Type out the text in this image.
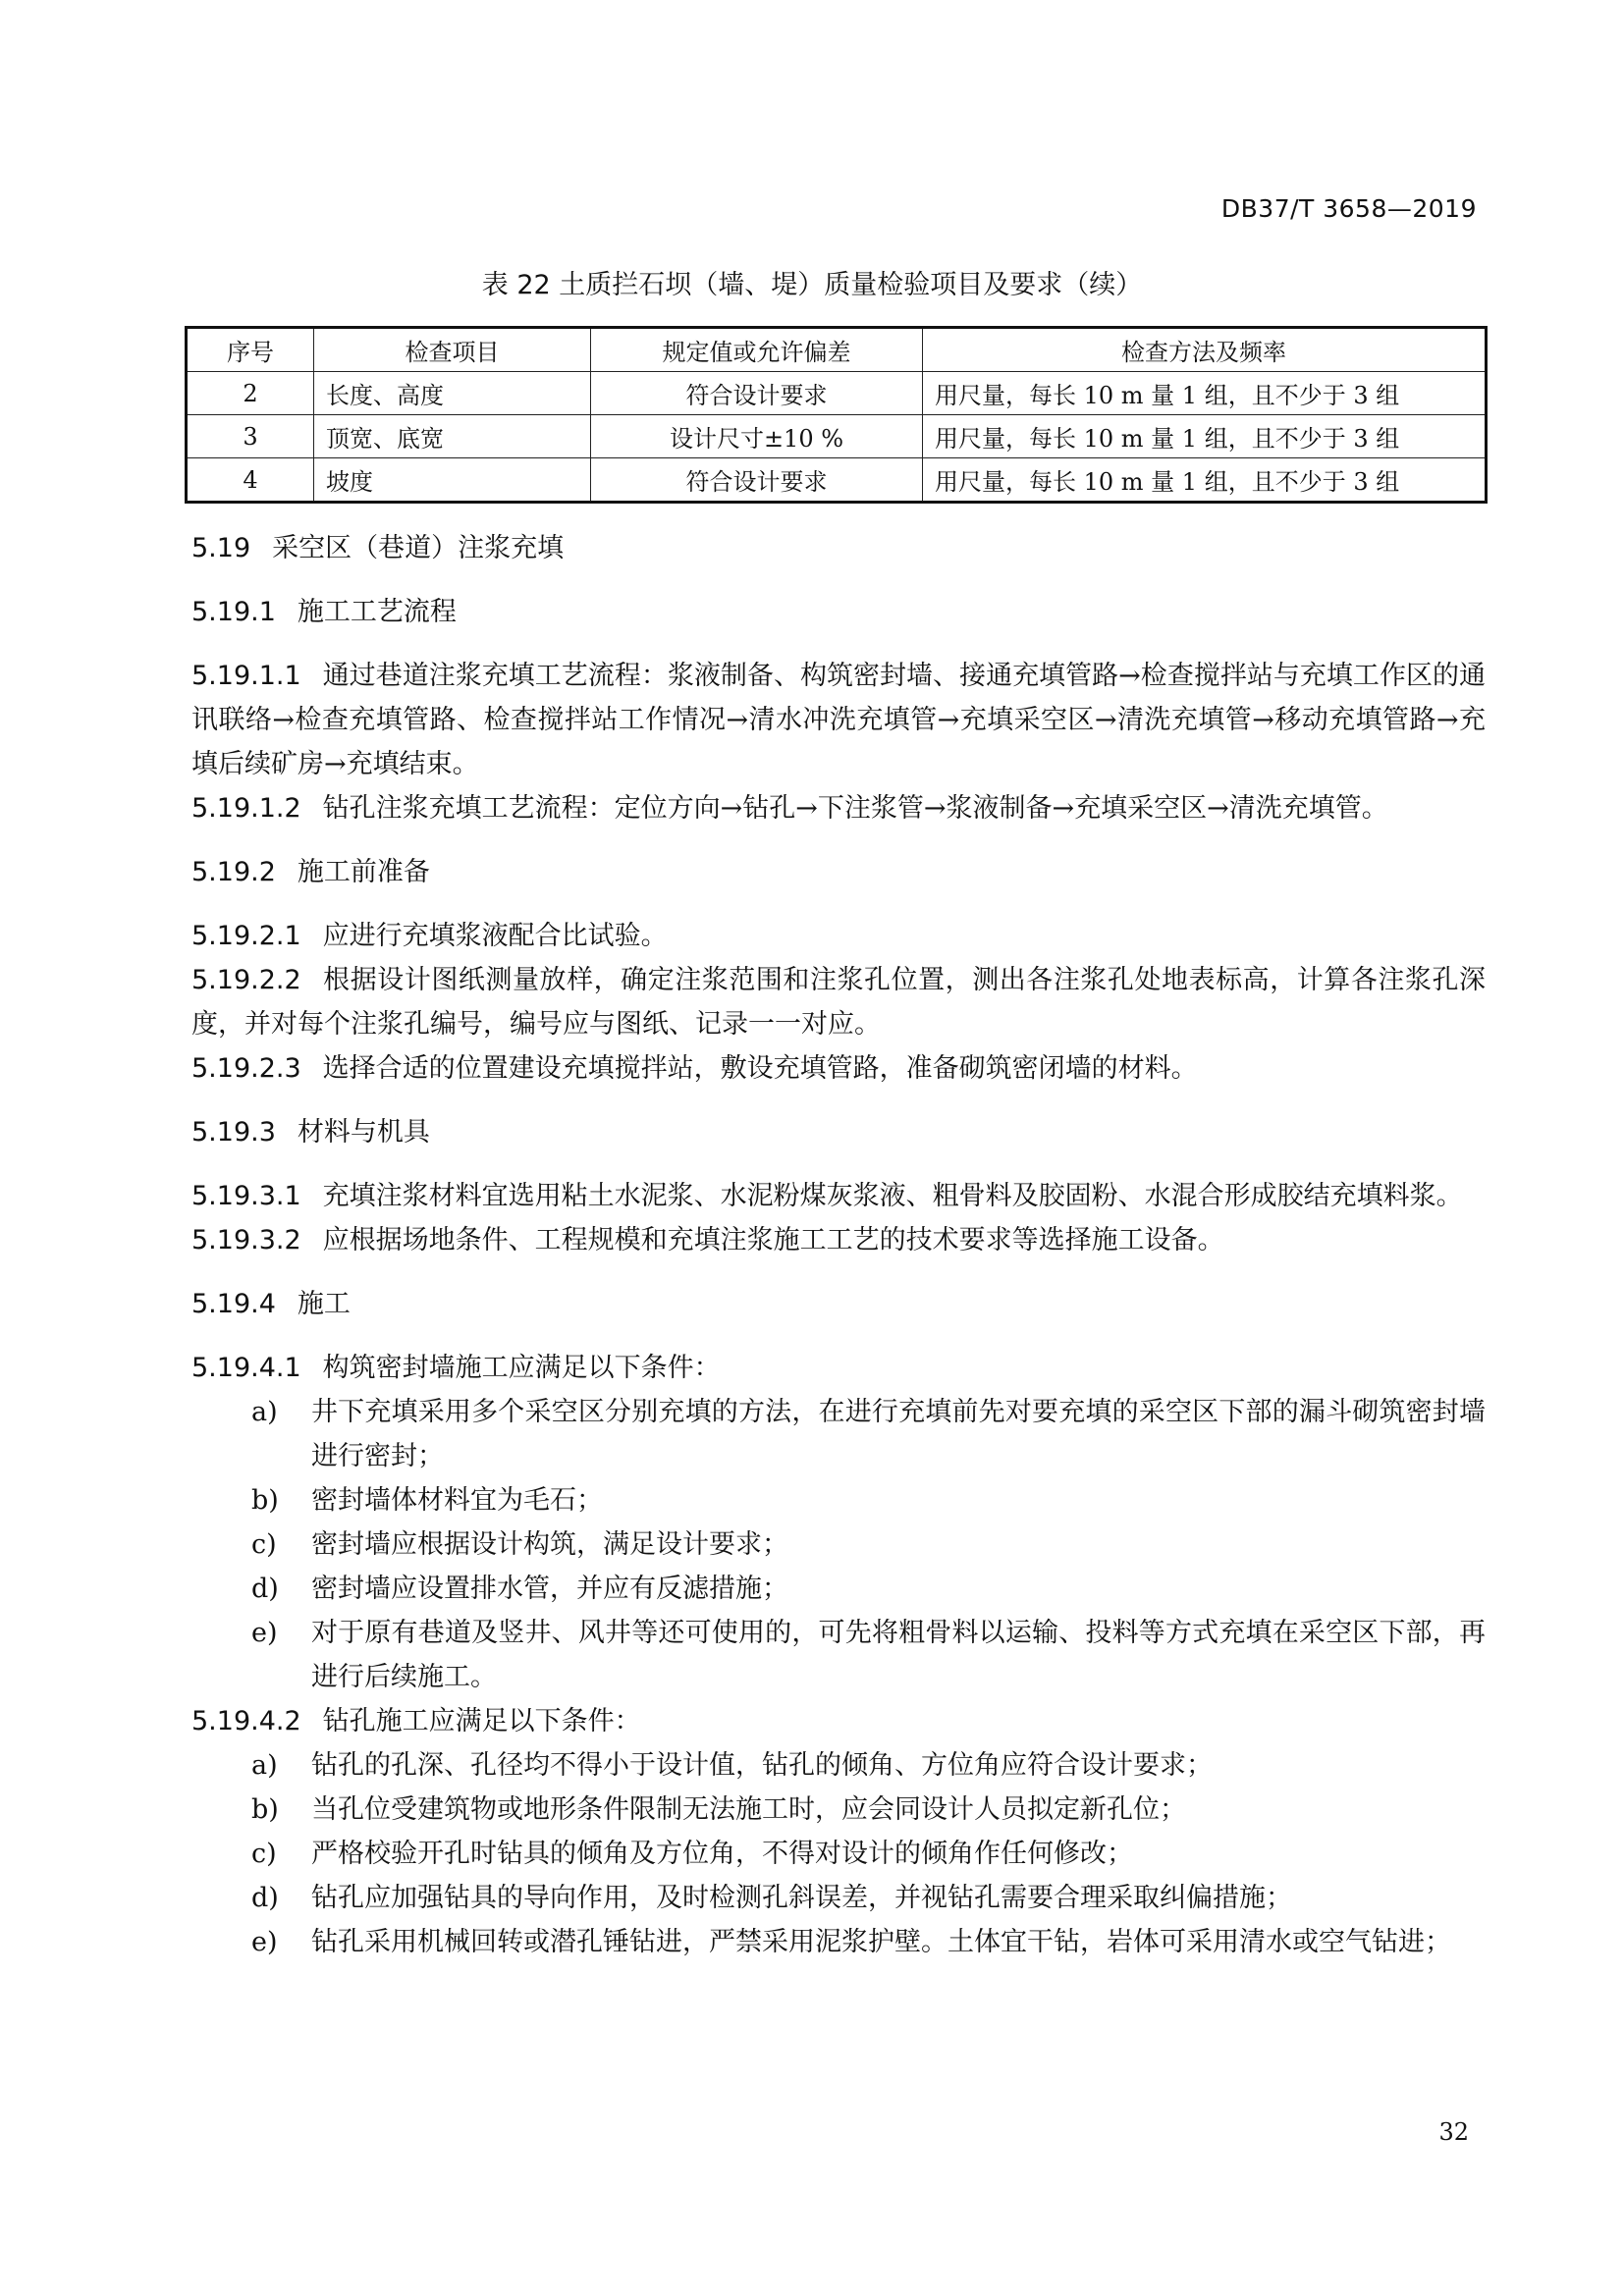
DB37/T 3658—2019
表 22 土质拦石坝（墙、堤）质量检验项目及要求（续）
序号	检查项目	规定值或允许偏差	检查方法及频率
2	长度、高度	符合设计要求	用尺量，每长 10 m 量 1 组，且不少于 3 组
3	顶宽、底宽	设计尺寸±10 %	用尺量，每长 10 m 量 1 组，且不少于 3 组
4	坡度	符合设计要求	用尺量，每长 10 m 量 1 组，且不少于 3 组
5.19 采空区（巷道）注浆充填
5.19.1 施工工艺流程
5.19.1.1 通过巷道注浆充填工艺流程：浆液制备、构筑密封墙、接通充填管路→检查搅拌站与充填工作区的通讯联络→检查充填管路、检查搅拌站工作情况→清水冲洗充填管→充填采空区→清洗充填管→移动充填管路→充填后续矿房→充填结束。
5.19.1.2 钻孔注浆充填工艺流程：定位方向→钻孔→下注浆管→浆液制备→充填采空区→清洗充填管。
5.19.2 施工前准备
5.19.2.1 应进行充填浆液配合比试验。
5.19.2.2 根据设计图纸测量放样，确定注浆范围和注浆孔位置，测出各注浆孔处地表标高，计算各注浆孔深度，并对每个注浆孔编号，编号应与图纸、记录一一对应。
5.19.2.3 选择合适的位置建设充填搅拌站，敷设充填管路，准备砌筑密闭墙的材料。
5.19.3 材料与机具
5.19.3.1 充填注浆材料宜选用粘土水泥浆、水泥粉煤灰浆液、粗骨料及胶固粉、水混合形成胶结充填料浆。
5.19.3.2 应根据场地条件、工程规模和充填注浆施工工艺的技术要求等选择施工设备。
5.19.4 施工
5.19.4.1 构筑密封墙施工应满足以下条件：
a) 井下充填采用多个采空区分别充填的方法，在进行充填前先对要充填的采空区下部的漏斗砌筑密封墙进行密封；
b) 密封墙体材料宜为毛石；
c) 密封墙应根据设计构筑，满足设计要求；
d) 密封墙应设置排水管，并应有反滤措施；
e) 对于原有巷道及竖井、风井等还可使用的，可先将粗骨料以运输、投料等方式充填在采空区下部，再进行后续施工。
5.19.4.2 钻孔施工应满足以下条件：
a) 钻孔的孔深、孔径均不得小于设计值，钻孔的倾角、方位角应符合设计要求；
b) 当孔位受建筑物或地形条件限制无法施工时，应会同设计人员拟定新孔位；
c) 严格校验开孔时钻具的倾角及方位角，不得对设计的倾角作任何修改；
d) 钻孔应加强钻具的导向作用，及时检测孔斜误差，并视钻孔需要合理采取纠偏措施；
e) 钻孔采用机械回转或潜孔锤钻进，严禁采用泥浆护壁。土体宜干钻，岩体可采用清水或空气钻进；
32
